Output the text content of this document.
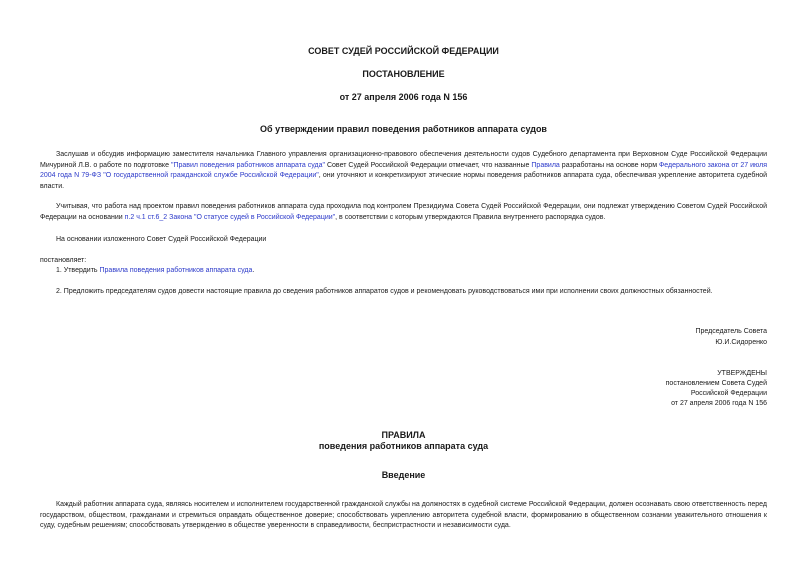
СОВЕТ СУДЕЙ РОССИЙСКОЙ ФЕДЕРАЦИИ
ПОСТАНОВЛЕНИЕ
от 27 апреля 2006 года N 156
Об утверждении правил поведения работников аппарата судов
Заслушав и обсудив информацию заместителя начальника Главного управления организационно-правового обеспечения деятельности судов Судебного департамента при Верховном Суде Российской Федерации Мичуриной Л.В. о работе по подготовке "Правил поведения работников аппарата суда" Совет Судей Российской Федерации отмечает, что названные Правила разработаны на основе норм Федерального закона от 27 июля 2004 года N 79-ФЗ "О государственной гражданской службе Российской Федерации", они уточняют и конкретизируют этические нормы поведения работников аппарата суда, обеспечивая укрепление авторитета судебной власти.
Учитывая, что работа над проектом правил поведения работников аппарата суда проходила под контролем Президиума Совета Судей Российской Федерации, они подлежат утверждению Советом Судей Российской Федерации на основании п.2 ч.1 ст.6_2 Закона "О статусе судей в Российской Федерации", в соответствии с которым утверждаются Правила внутреннего распорядка судов.
На основании изложенного Совет Судей Российской Федерации
постановляет:
1. Утвердить Правила поведения работников аппарата суда.
2. Предложить председателям судов довести настоящие правила до сведения работников аппаратов судов и рекомендовать руководствоваться ими при исполнении своих должностных обязанностей.
Председатель Совета
Ю.И.Сидоренко
УТВЕРЖДЕНЫ
постановлением Совета Судей
Российской Федерации
от 27 апреля 2006 года N 156
ПРАВИЛА
поведения работников аппарата суда
Введение
Каждый работник аппарата суда, являясь носителем и исполнителем государственной гражданской службы на должностях в судебной системе Российской Федерации, должен осознавать свою ответственность перед государством, обществом, гражданами и стремиться оправдать общественное доверие; способствовать укреплению авторитета судебной власти, формированию в общественном сознании уважительного отношения к суду, судебным решениям; способствовать утверждению в обществе уверенности в справедливости, беспристрастности и независимости суда.
